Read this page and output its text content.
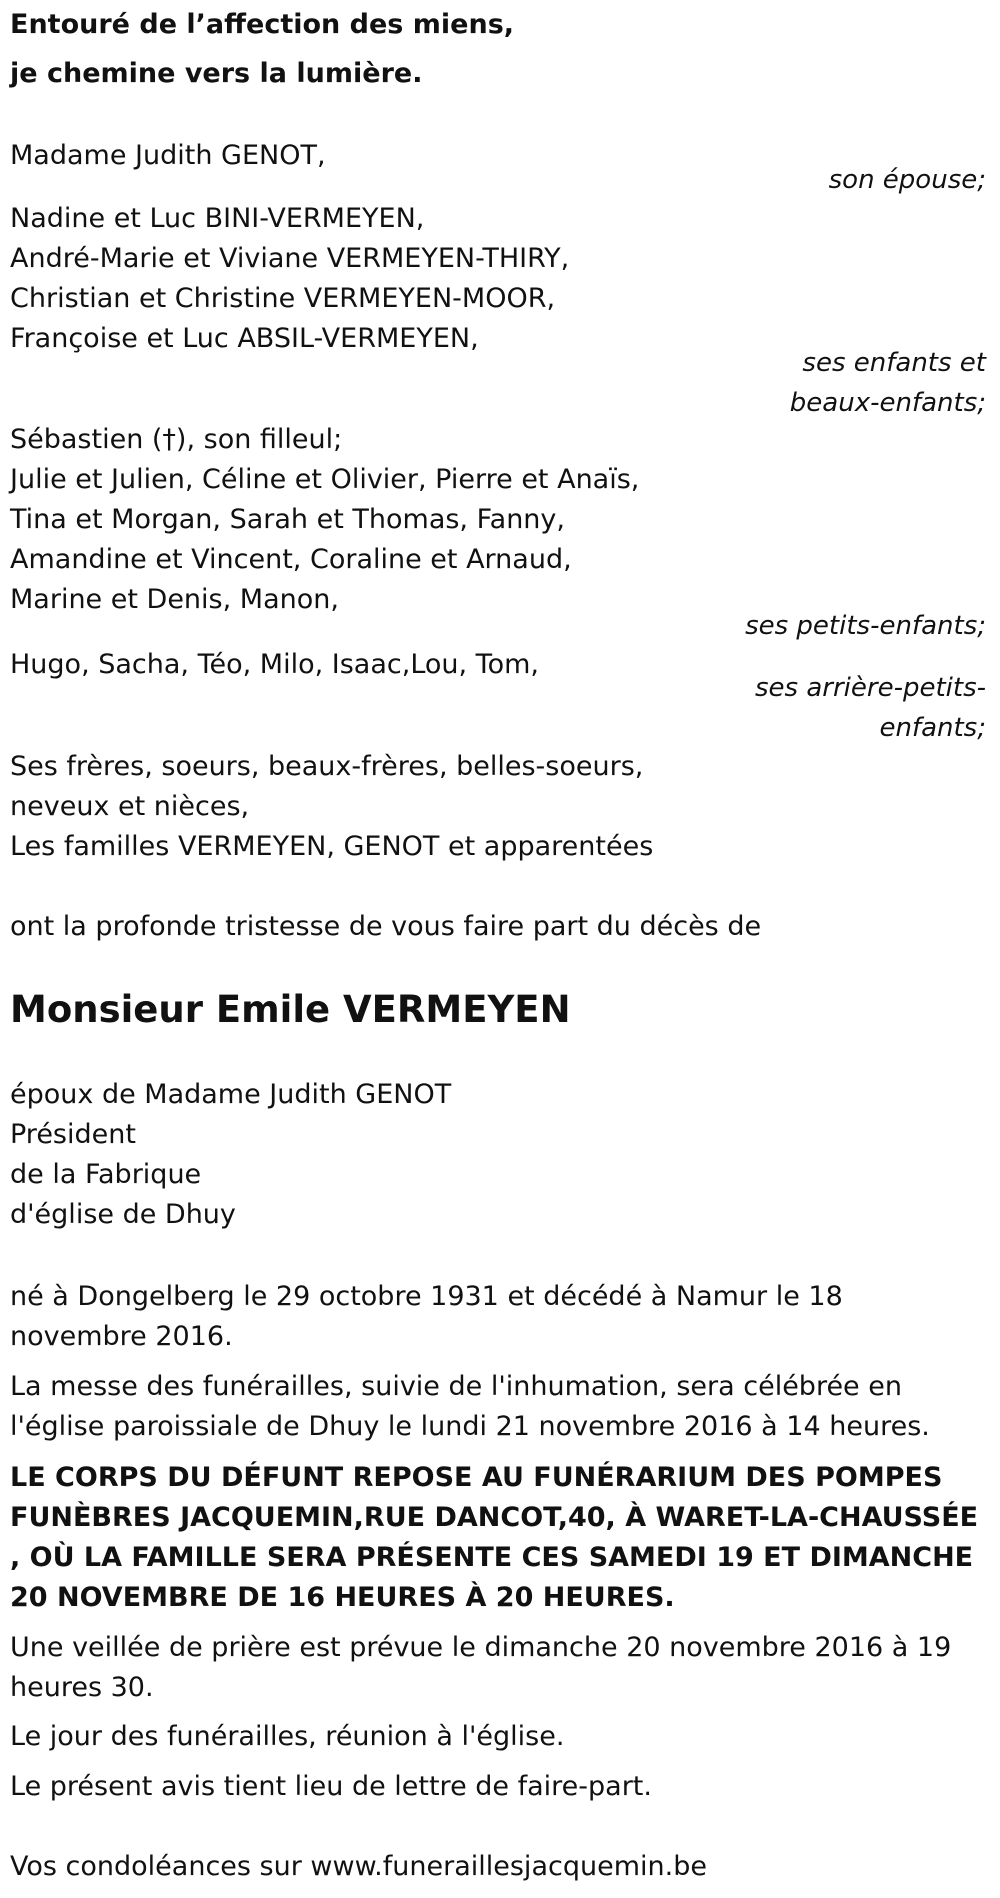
Entouré de l’affection des miens,
je chemine vers la lumière.
Madame Judith GENOT,
son épouse;
Nadine et Luc BINI-VERMEYEN,
André-Marie et Viviane VERMEYEN-THIRY,
Christian et Christine VERMEYEN-MOOR,
Françoise et Luc ABSIL-VERMEYEN,
ses enfants et
beaux-enfants;
Sébastien (†), son filleul;
Julie et Julien, Céline et Olivier, Pierre et Anaïs,
Tina et Morgan, Sarah et Thomas, Fanny,
Amandine et Vincent, Coraline et Arnaud,
Marine et Denis, Manon,
ses petits-enfants;
Hugo, Sacha, Téo, Milo, Isaac,Lou, Tom,
ses arrière-petits-
enfants;
Ses frères, soeurs, beaux-frères, belles-soeurs,
neveux et nièces,
Les familles VERMEYEN, GENOT et apparentées
ont la profonde tristesse de vous faire part du décès de
Monsieur Emile VERMEYEN
époux de Madame Judith GENOT
Président
de la Fabrique
d'église de Dhuy

né à Dongelberg le 29 octobre 1931 et décédé à Namur le 18 novembre 2016.

La messe des funérailles, suivie de l'inhumation, sera célébrée en l'église paroissiale de Dhuy le lundi 21 novembre 2016 à 14 heures.

LE CORPS DU DÉFUNT REPOSE AU FUNÉRARIUM DES POMPES FUNÈBRES JACQUEMIN,RUE DANCOT,40, À WARET-LA-CHAUSSÉE , OÙ LA FAMILLE SERA PRÉSENTE CES SAMEDI 19 ET DIMANCHE 20 NOVEMBRE DE 16 HEURES À 20 HEURES.

Une veillée de prière est prévue le dimanche 20 novembre 2016 à 19 heures 30.

Le jour des funérailles, réunion à l'église.

Le présent avis tient lieu de lettre de faire-part.

Vos condoléances sur www.funeraillesjacquemin.be
